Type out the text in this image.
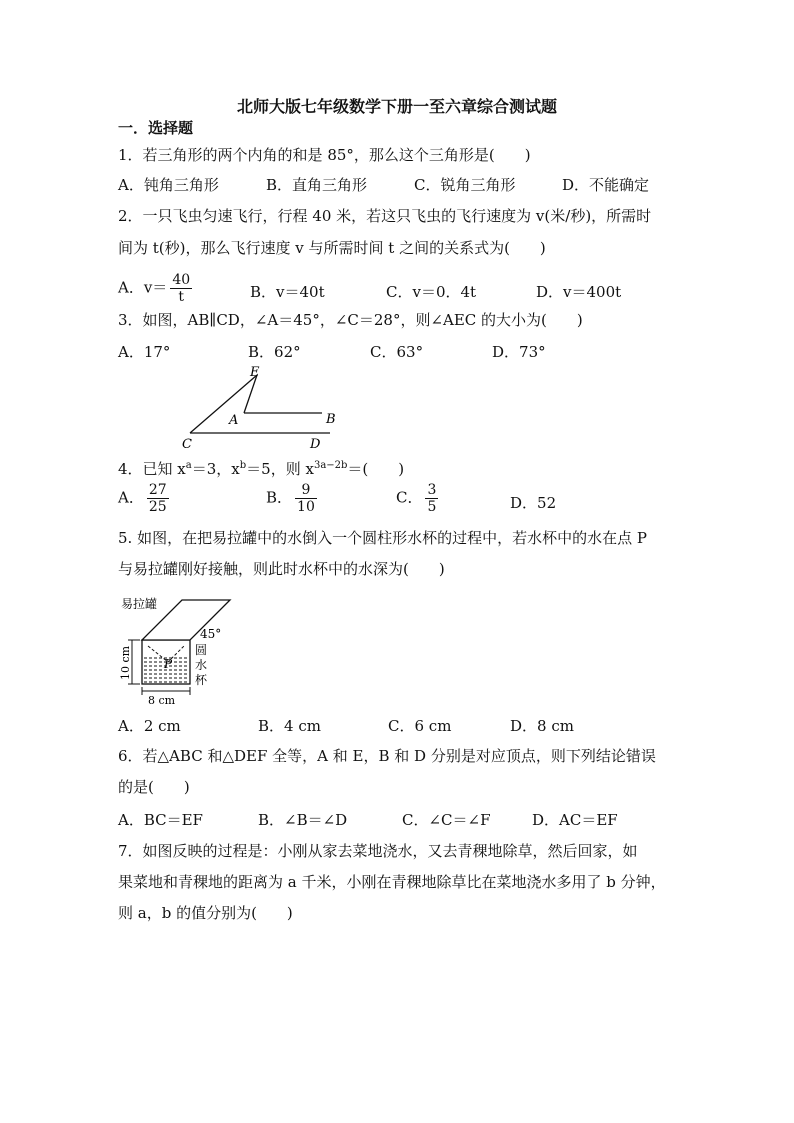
北师大版七年级数学下册一至六章综合测试题
一．选择题
1．若三角形的两个内角的和是 85°，那么这个三角形是(　　)
A．钝角三角形	B．直角三角形	C．锐角三角形	D．不能确定
2．一只飞虫匀速飞行，行程 40 米，若这只飞虫的飞行速度为 v(米/秒)，所需时
间为 t(秒)，那么飞行速度 v 与所需时间 t 之间的关系式为(　　)
A．$v= \frac{40}{t}$	B．v＝40t	C．v＝0．4t	D．v＝400t
3．如图，AB∥CD，∠A＝45°，∠C＝28°，则∠AEC 的大小为(　　)
A．17°	B．62°	C．63°	D．73°
E
A	B
C	D
4．已知 $x^a=3$，$x^b=5$，则 $x^{3a-2b}=$(　　)
A． $\frac{27}{25}$	B． $\frac{9}{10}$	C． $\frac{3}{5}$	D．52
5. 如图，在把易拉罐中的水倒入一个圆柱形水杯的过程中，若水杯中的水在点 P
与易拉罐刚好接触，则此时水杯中的水深为(　　)
易拉罐
45°
P
圆
水
杯
10 cm
8 cm
A．2 cm	B．4 cm	C．6 cm	D．8 cm
6．若△ABC 和△DEF 全等，A 和 E，B 和 D 分别是对应顶点，则下列结论错误
的是(　　)
A．BC＝EF	B．∠B＝∠D	C．∠C＝∠F	D．AC＝EF
7．如图反映的过程是：小刚从家去菜地浇水，又去青稞地除草，然后回家，如
果菜地和青稞地的距离为 a 千米，小刚在青稞地除草比在菜地浇水多用了 b 分钟，
则 a，b 的值分别为(　　)
